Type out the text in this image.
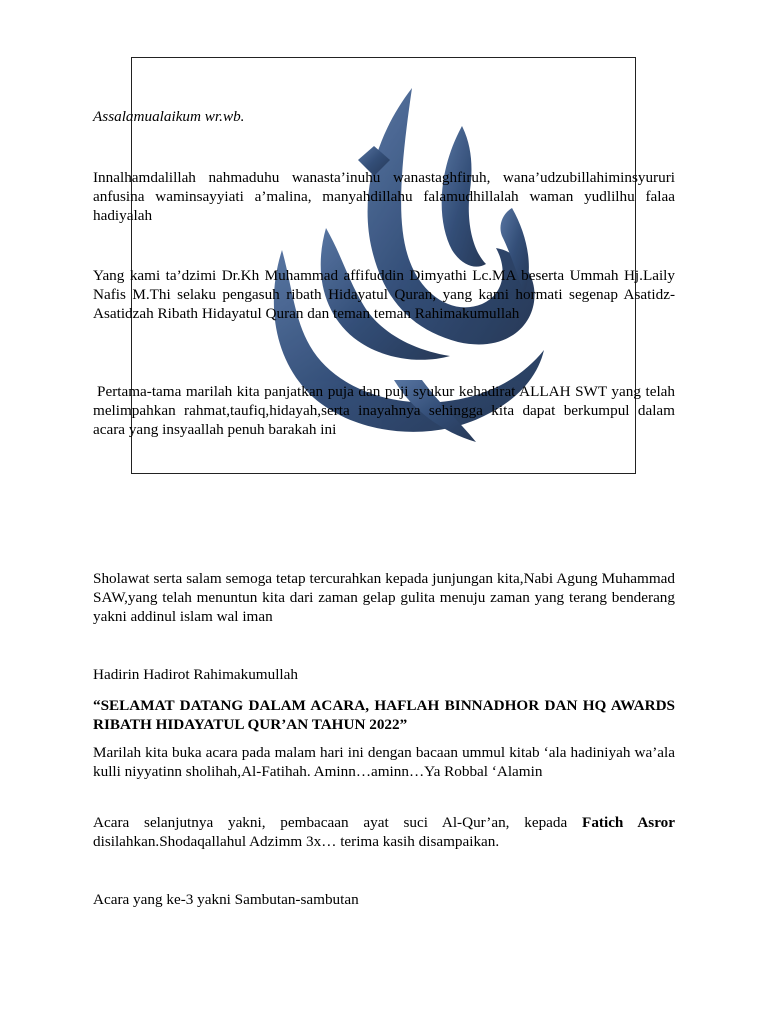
Assalamualaikum wr.wb.

Innalhamdalillah nahmaduhu wanasta’inuhu wanastaghfiruh, wana’udzubillahiminsyururi anfusina waminsayyiati a’malina, manyahdillahu falamudhillalah waman yudlilhu falaa hadiyalah

Yang kami ta’dzimi Dr.Kh Muhammad affifuddin Dimyathi Lc.MA beserta Ummah Hj.Laily Nafis M.Thi selaku pengasuh ribath Hidayatul Quran, yang kami hormati segenap Asatidz-Asatidzah Ribath Hidayatul Quran dan teman teman Rahimakumullah

Pertama-tama marilah kita panjatkan puja dan puji syukur kehadirat ALLAH SWT yang telah melimpahkan rahmat,taufiq,hidayah,serta inayahnya sehingga kita dapat berkumpul dalam acara yang insyaallah penuh barakah ini

Sholawat serta salam semoga tetap tercurahkan kepada junjungan kita,Nabi Agung Muhammad SAW,yang telah menuntun kita dari zaman gelap gulita menuju zaman yang terang benderang yakni addinul islam wal iman

Hadirin Hadirot Rahimakumullah

“SELAMAT DATANG DALAM ACARA, HAFLAH BINNADHOR DAN HQ AWARDS RIBATH HIDAYATUL QUR’AN TAHUN 2022”

Marilah kita buka acara pada malam hari ini dengan bacaan ummul kitab ‘ala hadiniyah wa’ala kulli niyyatinn sholihah,Al-Fatihah. Aminn…aminn…Ya Robbal ‘Alamin

Acara selanjutnya yakni, pembacaan ayat suci Al-Qur’an, kepada Fatich Asror disilahkan.Shodaqallahul Adzimm 3x… terima kasih disampaikan.

Acara yang ke-3 yakni Sambutan-sambutan
